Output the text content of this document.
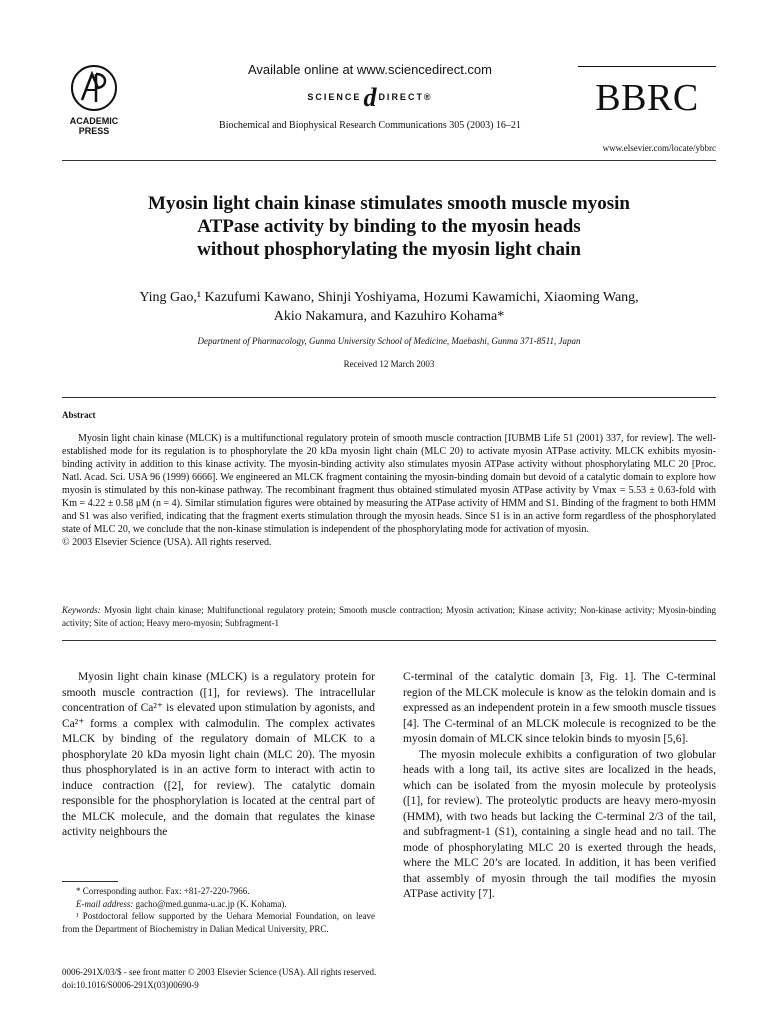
ACADEMIC
PRESS
Available online at www.sciencedirect.com
SCIENCEd DIRECT®
Biochemical and Biophysical Research Communications 305 (2003) 16–21
BBRC
www.elsevier.com/locate/ybbrc
Myosin light chain kinase stimulates smooth muscle myosin
ATPase activity by binding to the myosin heads
without phosphorylating the myosin light chain
Ying Gao,¹ Kazufumi Kawano, Shinji Yoshiyama, Hozumi Kawamichi, Xiaoming Wang,
Akio Nakamura, and Kazuhiro Kohama*
Department of Pharmacology, Gunma University School of Medicine, Maebashi, Gunma 371-8511, Japan
Received 12 March 2003
Abstract

Myosin light chain kinase (MLCK) is a multifunctional regulatory protein of smooth muscle contraction [IUBMB Life 51 (2001) 337, for review]. The well-established mode for its regulation is to phosphorylate the 20 kDa myosin light chain (MLC 20) to activate myosin ATPase activity. MLCK exhibits myosin-binding activity in addition to this kinase activity. The myosin-binding activity also stimulates myosin ATPase activity without phosphorylating MLC 20 [Proc. Natl. Acad. Sci. USA 96 (1999) 6666]. We engineered an MLCK fragment containing the myosin-binding domain but devoid of a catalytic domain to explore how myosin is stimulated by this non-kinase pathway. The recombinant fragment thus obtained stimulated myosin ATPase activity by Vmax = 5.53 ± 0.63-fold with Km = 4.22 ± 0.58 μM (n = 4). Similar stimulation figures were obtained by measuring the ATPase activity of HMM and S1. Binding of the fragment to both HMM and S1 was also verified, indicating that the fragment exerts stimulation through the myosin heads. Since S1 is in an active form regardless of the phosphorylated state of MLC 20, we conclude that the non-kinase stimulation is independent of the phosphorylating mode for activation of myosin.

© 2003 Elsevier Science (USA). All rights reserved.

Keywords: Myosin light chain kinase; Multifunctional regulatory protein; Smooth muscle contraction; Myosin activation; Kinase activity; Non-kinase activity; Myosin-binding activity; Site of action; Heavy mero-myosin; Subfragment-1

Myosin light chain kinase (MLCK) is a regulatory protein for smooth muscle contraction ([1], for reviews). The intracellular concentration of Ca²⁺ is elevated upon stimulation by agonists, and Ca²⁺ forms a complex with calmodulin. The complex activates MLCK by binding of the regulatory domain of MLCK to a phosphorylate 20 kDa myosin light chain (MLC 20). The myosin thus phosphorylated is in an active form to interact with actin to induce contraction ([2], for review). The catalytic domain responsible for the phosphorylation is located at the central part of the MLCK molecule, and the domain that regulates the kinase activity neighbours the

C-terminal of the catalytic domain [3, Fig. 1]. The C-terminal region of the MLCK molecule is know as the telokin domain and is expressed as an independent protein in a few smooth muscle tissues [4]. The C-terminal of an MLCK molecule is recognized to be the myosin domain of MLCK since telokin binds to myosin [5,6].

The myosin molecule exhibits a configuration of two globular heads with a long tail, its active sites are localized in the heads, which can be isolated from the myosin molecule by proteolysis ([1], for review). The proteolytic products are heavy mero-myosin (HMM), with two heads but lacking the C-terminal 2/3 of the tail, and subfragment-1 (S1), containing a single head and no tail. The mode of phosphorylating MLC 20 is exerted through the heads, where the MLC 20’s are located. In addition, it has been verified that assembly of myosin through the tail modifies the myosin ATPase activity [7].

* Corresponding author. Fax: +81-27-220-7966.

E-mail address: gacho@med.gunma-u.ac.jp (K. Kohama).

¹ Postdoctoral fellow supported by the Uehara Memorial Foundation, on leave from the Department of Biochemistry in Dalian Medical University, PRC.

0006-291X/03/$ - see front matter © 2003 Elsevier Science (USA). All rights reserved.
doi:10.1016/S0006-291X(03)00690-9
